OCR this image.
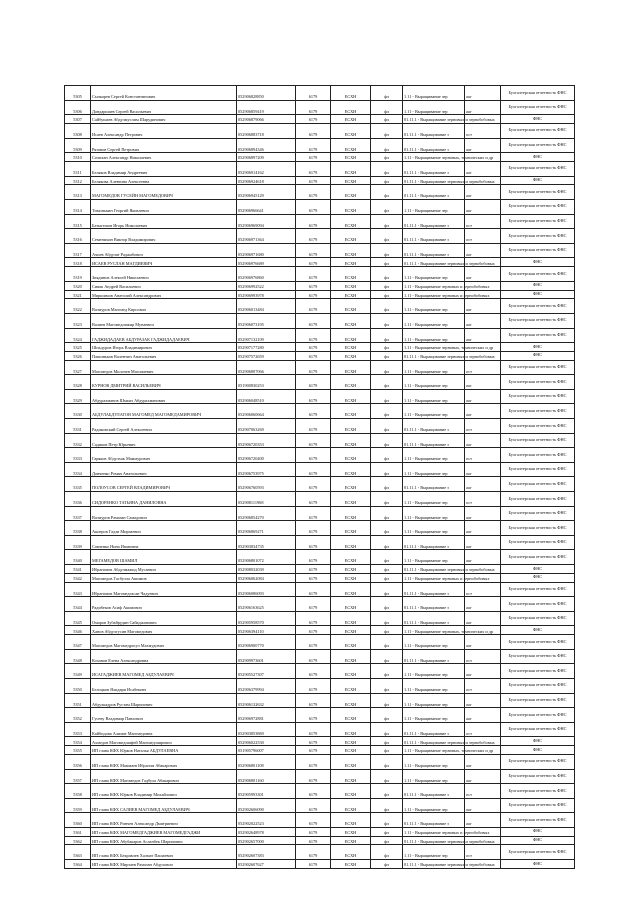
5305	Сычкарев Сергей Константинович	052906828850	6179	ЕСХН	фл	1.11 - Выращивание зер	ааг	Бухгалтерская отчетность ФНС
5306	Дандаршаев Сергей Васильевич	052906859419	6179	ЕСХН	фл	1.11 - Выращивание зер	ааг	Бухгалтерская отчетность ФНС
5307	Сайбушаев Абдулмуслим Шарудинович	052906879066	6179	ЕСХН	фл	01.11.1 - Выращивание зерновых и зернобобовых		ФНС
5308	Исаев Александр Петрович	052906883718	6179	ЕСХН	фл	01.11.1 - Выращивание з	ост	Бухгалтерская отчетность ФНС
5309	Рязанов Сергей Петрович	052906894346	6179	ЕСХН	фл	01.11.1 - Выращивание з	ааг	Бухгалтерская отчетность ФНС
5310	Сочихан Александр Николаевич	052906897209	6179	ЕСХН	фл	1.11 - Выращивание зерновых, технических и др		ФНС
5311	Беляков Владимир Андреевич	052906914162	6179	ЕСХН	фл	01.11.1 - Выращивание з	ааг	Бухгалтерская отчетность ФНС
5312	Белякова Алевтина Алексеевна	052906924618	6179	ЕСХН	фл	01.11.1 - Выращивание зерновых и зернобобовых		ФНС
5313	МАГОМЕДОВ ГУСЕЙН МАГОМЕДОВИЧ	052906945129	6179	ЕСХН	фл	01.11.1 - Выращивание з	ааг	Бухгалтерская отчетность ФНС
5314	Тимонькин Георгий Яковлевич	052906966641	6179	ЕСХН	фл	1.11 - Выращивание зер	ааг	Бухгалтерская отчетность ФНС
5315	Батыгешов Игорь Николаевич	052906969094	6179	ЕСХН	фл	01.11.1 - Выращивание з	ост	Бухгалтерская отчетность ФНС
5316	Семенихин Виктор Владимирович	052906971364	6179	ЕСХН	фл	01.11.1 - Выращивание з	ост	Бухгалтерская отчетность ФНС
5317	Ачиев Абдулат Раджабович	052906971680	6179	ЕСХН	фл	01.11.1 - Выращивание з	ааг	Бухгалтерская отчетность ФНС
5318	ИСАЕВ РУСЛАН МАГДИЕВИЧ	052906976689	6179	ЕСХН	фл	01.11.1 - Выращивание зерновых и зернобобовых		ФНС
5319	Зиядинов Алексей Николаевич	052906976860	6179	ЕСХН	фл	1.11 - Выращивание зер	ааг	Бухгалтерская отчетность ФНС
5320	Сивак Андрей Васильевич	052906992522	6179	ЕСХН	фл	1.11 - Выращивание зерновых и зернобобовых		ФНС
5321	Миршимов Анатолий Александрович	052906993978	6179	ЕСХН	фл	1.11 - Выращивание зерновых и зернобобовых		ФНС
5322	Валиуров Магомед Кирсович	052906013484	6179	ЕСХН	фл	1.11 - Выращивание зер	ааг	Бухгалтерская отчетность ФНС
5323	Валиев Магомедшакир Мунаевич	052906073195	6179	ЕСХН	фл	1.11 - Выращивание зер	ааг	Бухгалтерская отчетность ФНС
5324	ГАДЖИДАДАЕВ АБДУРАЗАК ГАДЖИДАДАЕВИЧ	052907132109	6179	ЕСХН	фл	1.11 - Выращивание зер	ааг	Бухгалтерская отчетность ФНС
5325	Шихдуров Игорь Владимирович	052907177280	6179	ЕСХН	фл	1.11 - Выращивание зерновых, технических и др		ФНС
5326	Пашиньков Валентин Анатольевич	052907572659	6179	ЕСХН	фл	01.11.1 - Выращивание зерновых и зернобобовых		ФНС
5327	Магомедов Милочев Магомаевич	052906807066	6179	ЕСХН	фл	1.11 - Выращивание зер	ост	Бухгалтерская отчетность ФНС
5328	КУРНОВ ДМИТРИЙ ВАСИЛЬЕВИЧ	051900830253	6179	ЕСХН	фл	1.11 - Выращивание зер	ааг	Бухгалтерская отчетность ФНС
5329	Абдурахманов Шмаил Абдурахманович	052906048510	6179	ЕСХН	фл	1.11 - Выращивание зер	ааг	Бухгалтерская отчетность ФНС
5330	АБДУЛАБДУЛАТОВ МАГОМЕД МАГОМЕДАМИРОВИЧ	052906060664	6179	ЕСХН	фл	1.11 - Выращивание зер	ааг	Бухгалтерская отчетность ФНС
5331	Радиковский Сергей Алексеевич	052907063269	6179	ЕСХН	фл	01.11.1 - Выращивание з	ост	Бухгалтерская отчетность ФНС
5332	Садиков Петр Юрьевич	052906720353	6179	ЕСХН	фл	01.11.1 - Выращивание з	ааг	Бухгалтерская отчетность ФНС
5333	Гаряков Абдулхак Маммурович	052906720400	6179	ЕСХН	фл	1.11 - Выращивание зер	ост	Бухгалтерская отчетность ФНС
5334	Данченко Роман Анатольевич	052906753975	6179	ЕСХН	фл	1.11 - Выращивание зер	ааг	Бухгалтерская отчетность ФНС
5335	ПОЛОУСОВ СЕРГЕЙ ВЛАДИМИРОВИЧ	052906760593	6179	ЕСХН	фл	01.11.1 - Выращивание з	ааг	Бухгалтерская отчетность ФНС
5336	СИДОРЕНКО ТАТЬЯНА ДАНИЛОВНА	052908111968	6179	ЕСХН	фл	1.11 - Выращивание зер	ост	Бухгалтерская отчетность ФНС
5337	Валиуров Рамазан Самадович	052906854270	6179	ЕСХН	фл	1.11 - Выращивание зер	ааг	Бухгалтерская отчетность ФНС
5338	Акперов Гадзи Мирзаевич	052906869271	6179	ЕСХН	фл	1.11 - Выращивание зер	ааг	Бухгалтерская отчетность ФНС
5339	Савченко Нина Ивановна	052903834735	6179	ЕСХН	фл	01.11.1 - Выращивание з	ааг	Бухгалтерская отчетность ФНС
5340	МЕГАМЕДОВ ШАМИЛ	052906801072	6179	ЕСХН	фл	1.11 - Выращивание зер	ааг	Бухгалтерская отчетность ФНС
5341	Ибрагимов Абдулмажид Мусаевич	052908032039	6179	ЕСХН	фл	01.11.1 - Выращивание зерновых и зернобобовых		ФНС
5342	Магомедов Гасбулла Ашимов	052906062084	6179	ЕСХН	фл	1.11 - Выращивание зерновых и зернобобовых		ФНС
5343	Ибрагимов Магомедгасан Чадуевич	052906086093	6179	ЕСХН	фл	01.11.1 - Выращивание з	ост	Бухгалтерская отчетность ФНС
5344	Радибеков Асиф Акимович	052906163625	6179	ЕСХН	фл	01.11.1 - Выращивание з	ааг	Бухгалтерская отчетность ФНС
5345	Омаров Зубайрудин Сайаджанович	052905958570	6179	ЕСХН	фл	01.11.1 - Выращивание з	ааг	Бухгалтерская отчетность ФНС
5346	Ханов Абдулгусин Магомедович	052906394110	6179	ЕСХН	фл	1.11 - Выращивание зерновых, технических и др		ФНС
5347	Магомедов Магомедрасул Махмудович	052906900770	6179	ЕСХН	фл	1.11 - Выращивание зер	ааг	Бухгалтерская отчетность ФНС
5348	Коханов Елена Александровна	052909973601	6179	ЕСХН	фл	01.11.1 - Выращивание з	ост	Бухгалтерская отчетность ФНС
5349	ИСАГАДЖИЕВ МАГОМЕД АБДУЛАЕВИЧ	052905527307	6179	ЕСХН	фл	1.11 - Выращивание зер	ааг	Бухгалтерская отчетность ФНС
5350	Белоцков Ялидари Исабековч	052906379994	6179	ЕСХН	фл	1.11 - Выращивание зер	ост	Бухгалтерская отчетность ФНС
5351	Абдулкадров Рустам Шарипович	052906132632	6179	ЕСХН	фл	1.11 - Выращивание зер	ааг	Бухгалтерская отчетность ФНС
5352	Гусеву Владимир Павлович	052906972881	6179	ЕСХН	фл	1.11 - Выращивание зер	ааг	Бухгалтерская отчетность ФНС
5353	Кайбидова Алимат Магомедовна	052903853869	6179	ЕСХН	фл	01.11.1 - Выращивание з	ост	Бухгалтерская отчетность ФНС
5354	Ахмедов Магомедшафей Магомедзаирович	052906022530	6179	ЕСХН	фл	01.11.1 - Выращивание зерновых и зернобобовых		ФНС
5355	ИП глава КФХ Юрков Наталья АБДУЛАЕВНА	051905796007	6179	ЕСХН	фл	1.11 - Выращивание зерновых, технических и др		ФНС
5356	ИП глава КФХ Маммаев Ибрагим Абакарович	052906801108	6179	ЕСХН	фл	1.11 - Выращивание зер	ааг	Бухгалтерская отчетность ФНС
5357	ИП глава КФХ Магомедов Гадбула Абакарович	052906801160	6179	ЕСХН	фл	1.11 - Выращивание зер	ааг	Бухгалтерская отчетность ФНС
5358	ИП глава КФХ Юрков Владимир Михайлович	052905993301	6179	ЕСХН	фл	01.11.1 - Выращивание з	ост	Бухгалтерская отчетность ФНС
5359	ИП глава КФХ САЛИЕВ МАГОМЕД АБДУЛАЕВИЧ	052902606090	6179	ЕСХН	фл	1.11 - Выращивание зер	ааг	Бухгалтерская отчетность ФНС
5360	ИП глава КФХ Ринчев Александр Дмитриевич	052902022523	6179	ЕСХН	фл	01.11.1 - Выращивание з	ааг	Бухгалтерская отчетность ФНС
5361	ИП глава КФХ МАГОМЕДГАДЖИЕВ МАГОМЕДГАДЖИ	052902648978	6179	ЕСХН	фл	1.11 - Выращивание зерновых и зернобобовых		ФНС
5362	ИП глава КФХ Абубакаров Асланбек Шарипович	052902657000	6179	ЕСХН	фл	01.11.1 - Выращивание зерновых и зернобобовых		ФНС
5363	ИП глава КФХ Бекравлев Халмат Пашаевич	052902607383	6179	ЕСХН	фл	1.11 - Выращивание зер	ост	Бухгалтерская отчетность ФНС
5364	ИП глава КФХ Мирзаев Рамазан Абдулович	052902607627	6179	ЕСХН	фл	01.11.1 - Выращивание зерновых и зернобобовых		ФНС
